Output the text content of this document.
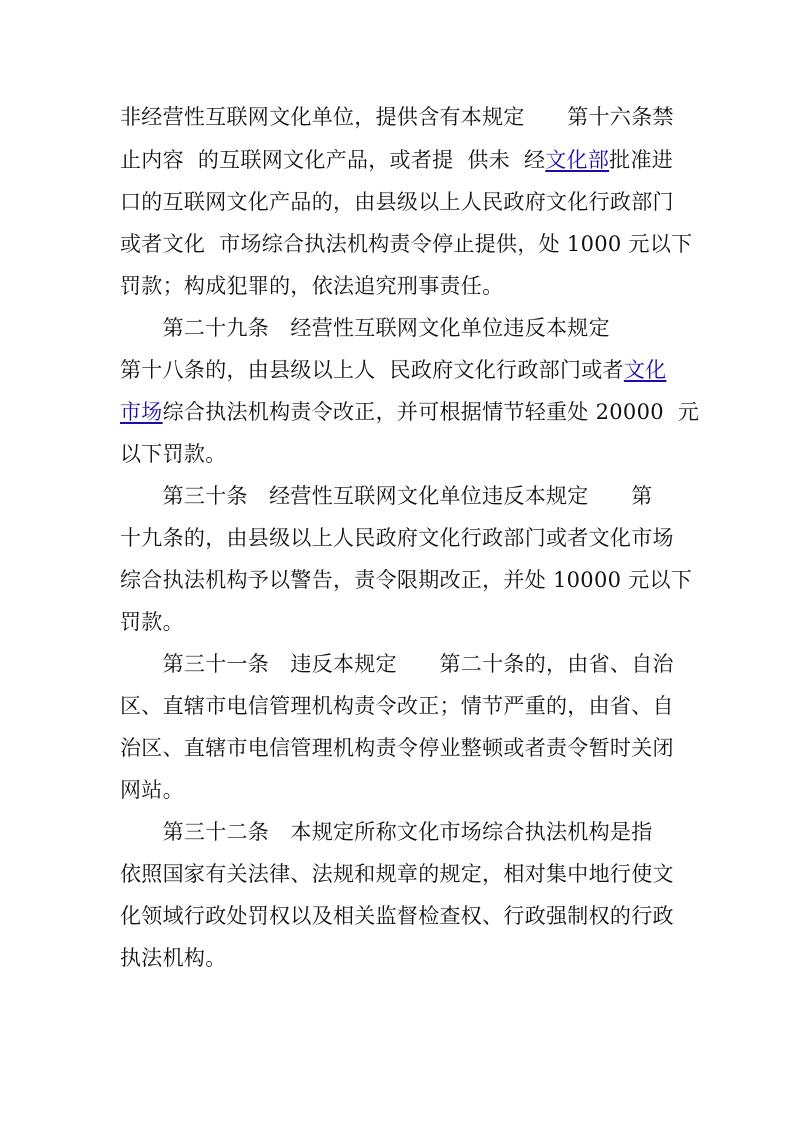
非经营性互联网文化单位，提供含有本规定　　第十六条禁
止内容  的互联网文化产品，或者提  供未  经文化部批准进
口的互联网文化产品的，由县级以上人民政府文化行政部门
或者文化  市场综合执法机构责令停止提供，处 1000 元以下
罚款；构成犯罪的，依法追究刑事责任。
　　第二十九条　经营性互联网文化单位违反本规定
第十八条的，由县级以上人  民政府文化行政部门或者文化
市场综合执法机构责令改正，并可根据情节轻重处 20000  元
以下罚款。
　　第三十条　经营性互联网文化单位违反本规定　　第
十九条的，由县级以上人民政府文化行政部门或者文化市场
综合执法机构予以警告，责令限期改正，并处 10000 元以下
罚款。
　　第三十一条　违反本规定　　第二十条的，由省、自治
区、直辖市电信管理机构责令改正；情节严重的，由省、自
治区、直辖市电信管理机构责令停业整顿或者责令暂时关闭
网站。
　　第三十二条　本规定所称文化市场综合执法机构是指
依照国家有关法律、法规和规章的规定，相对集中地行使文
化领域行政处罚权以及相关监督检查权、行政强制权的行政
执法机构。
